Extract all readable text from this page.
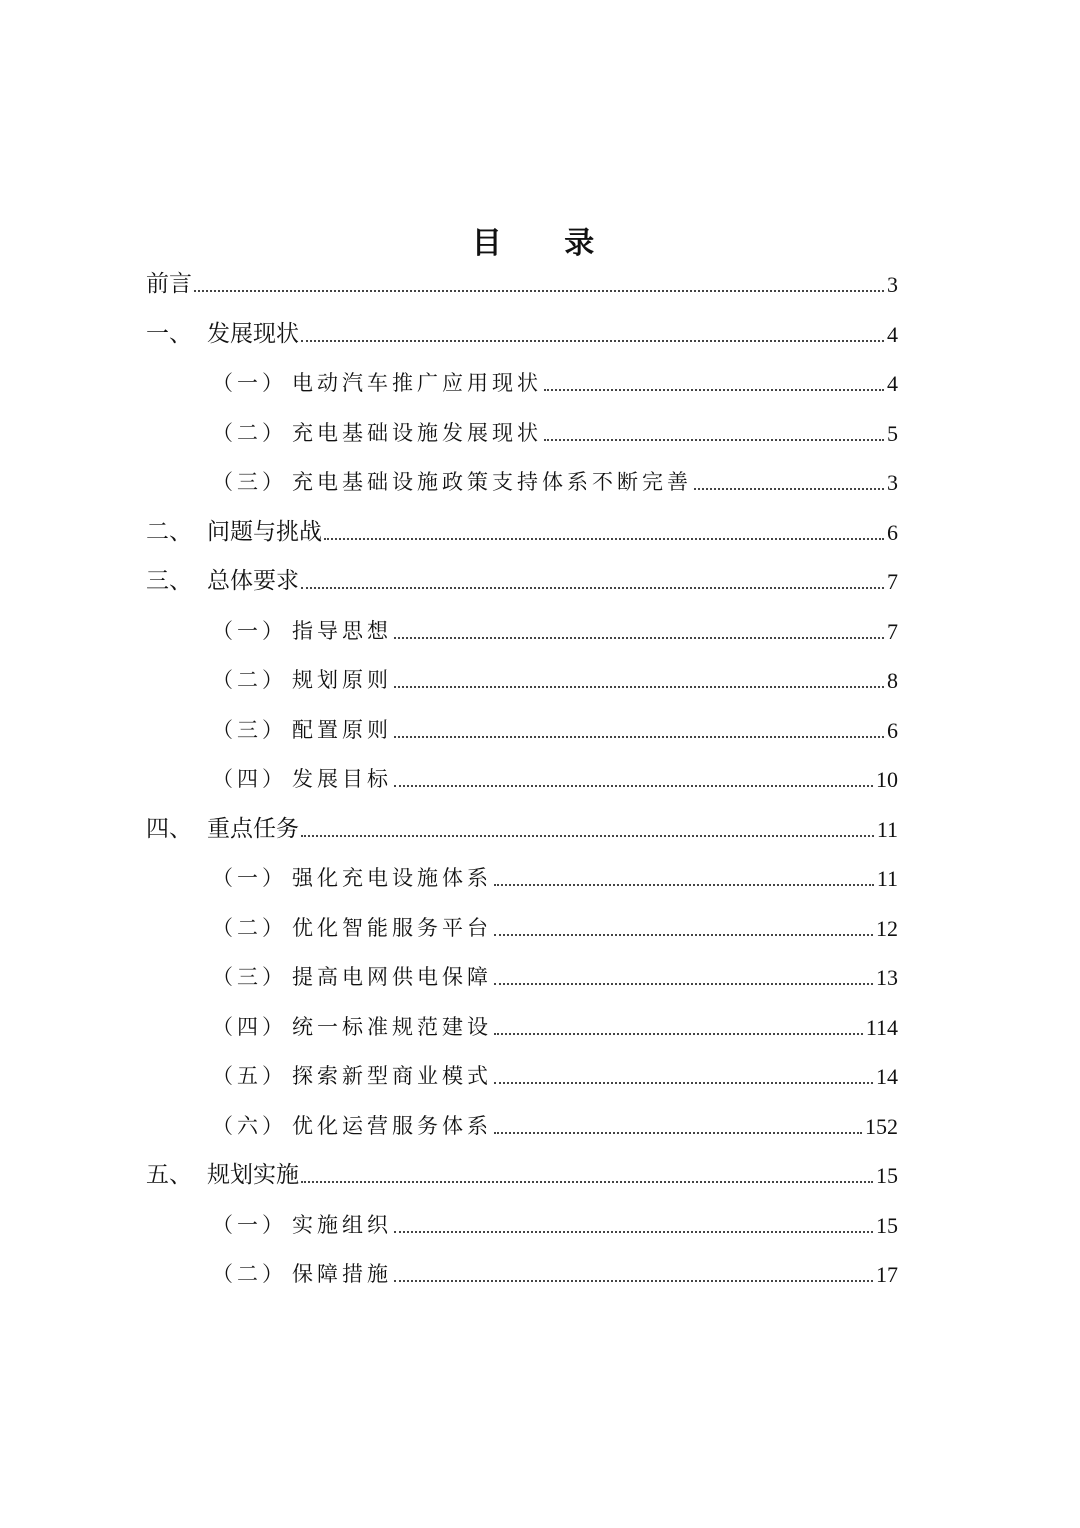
目 录
前言	3
一、 发展现状	4
（一） 电动汽车推广应用现状	4
（二） 充电基础设施发展现状	5
（三） 充电基础设施政策支持体系不断完善	3
二、 问题与挑战	6
三、 总体要求	7
（一） 指导思想	7
（二） 规划原则	8
（三） 配置原则	6
（四） 发展目标	10
四、 重点任务	11
（一） 强化充电设施体系	11
（二） 优化智能服务平台	12
（三） 提高电网供电保障	13
（四） 统一标准规范建设	114
（五） 探索新型商业模式	14
（六） 优化运营服务体系	152
五、 规划实施	15
（一） 实施组织	15
（二） 保障措施	17
